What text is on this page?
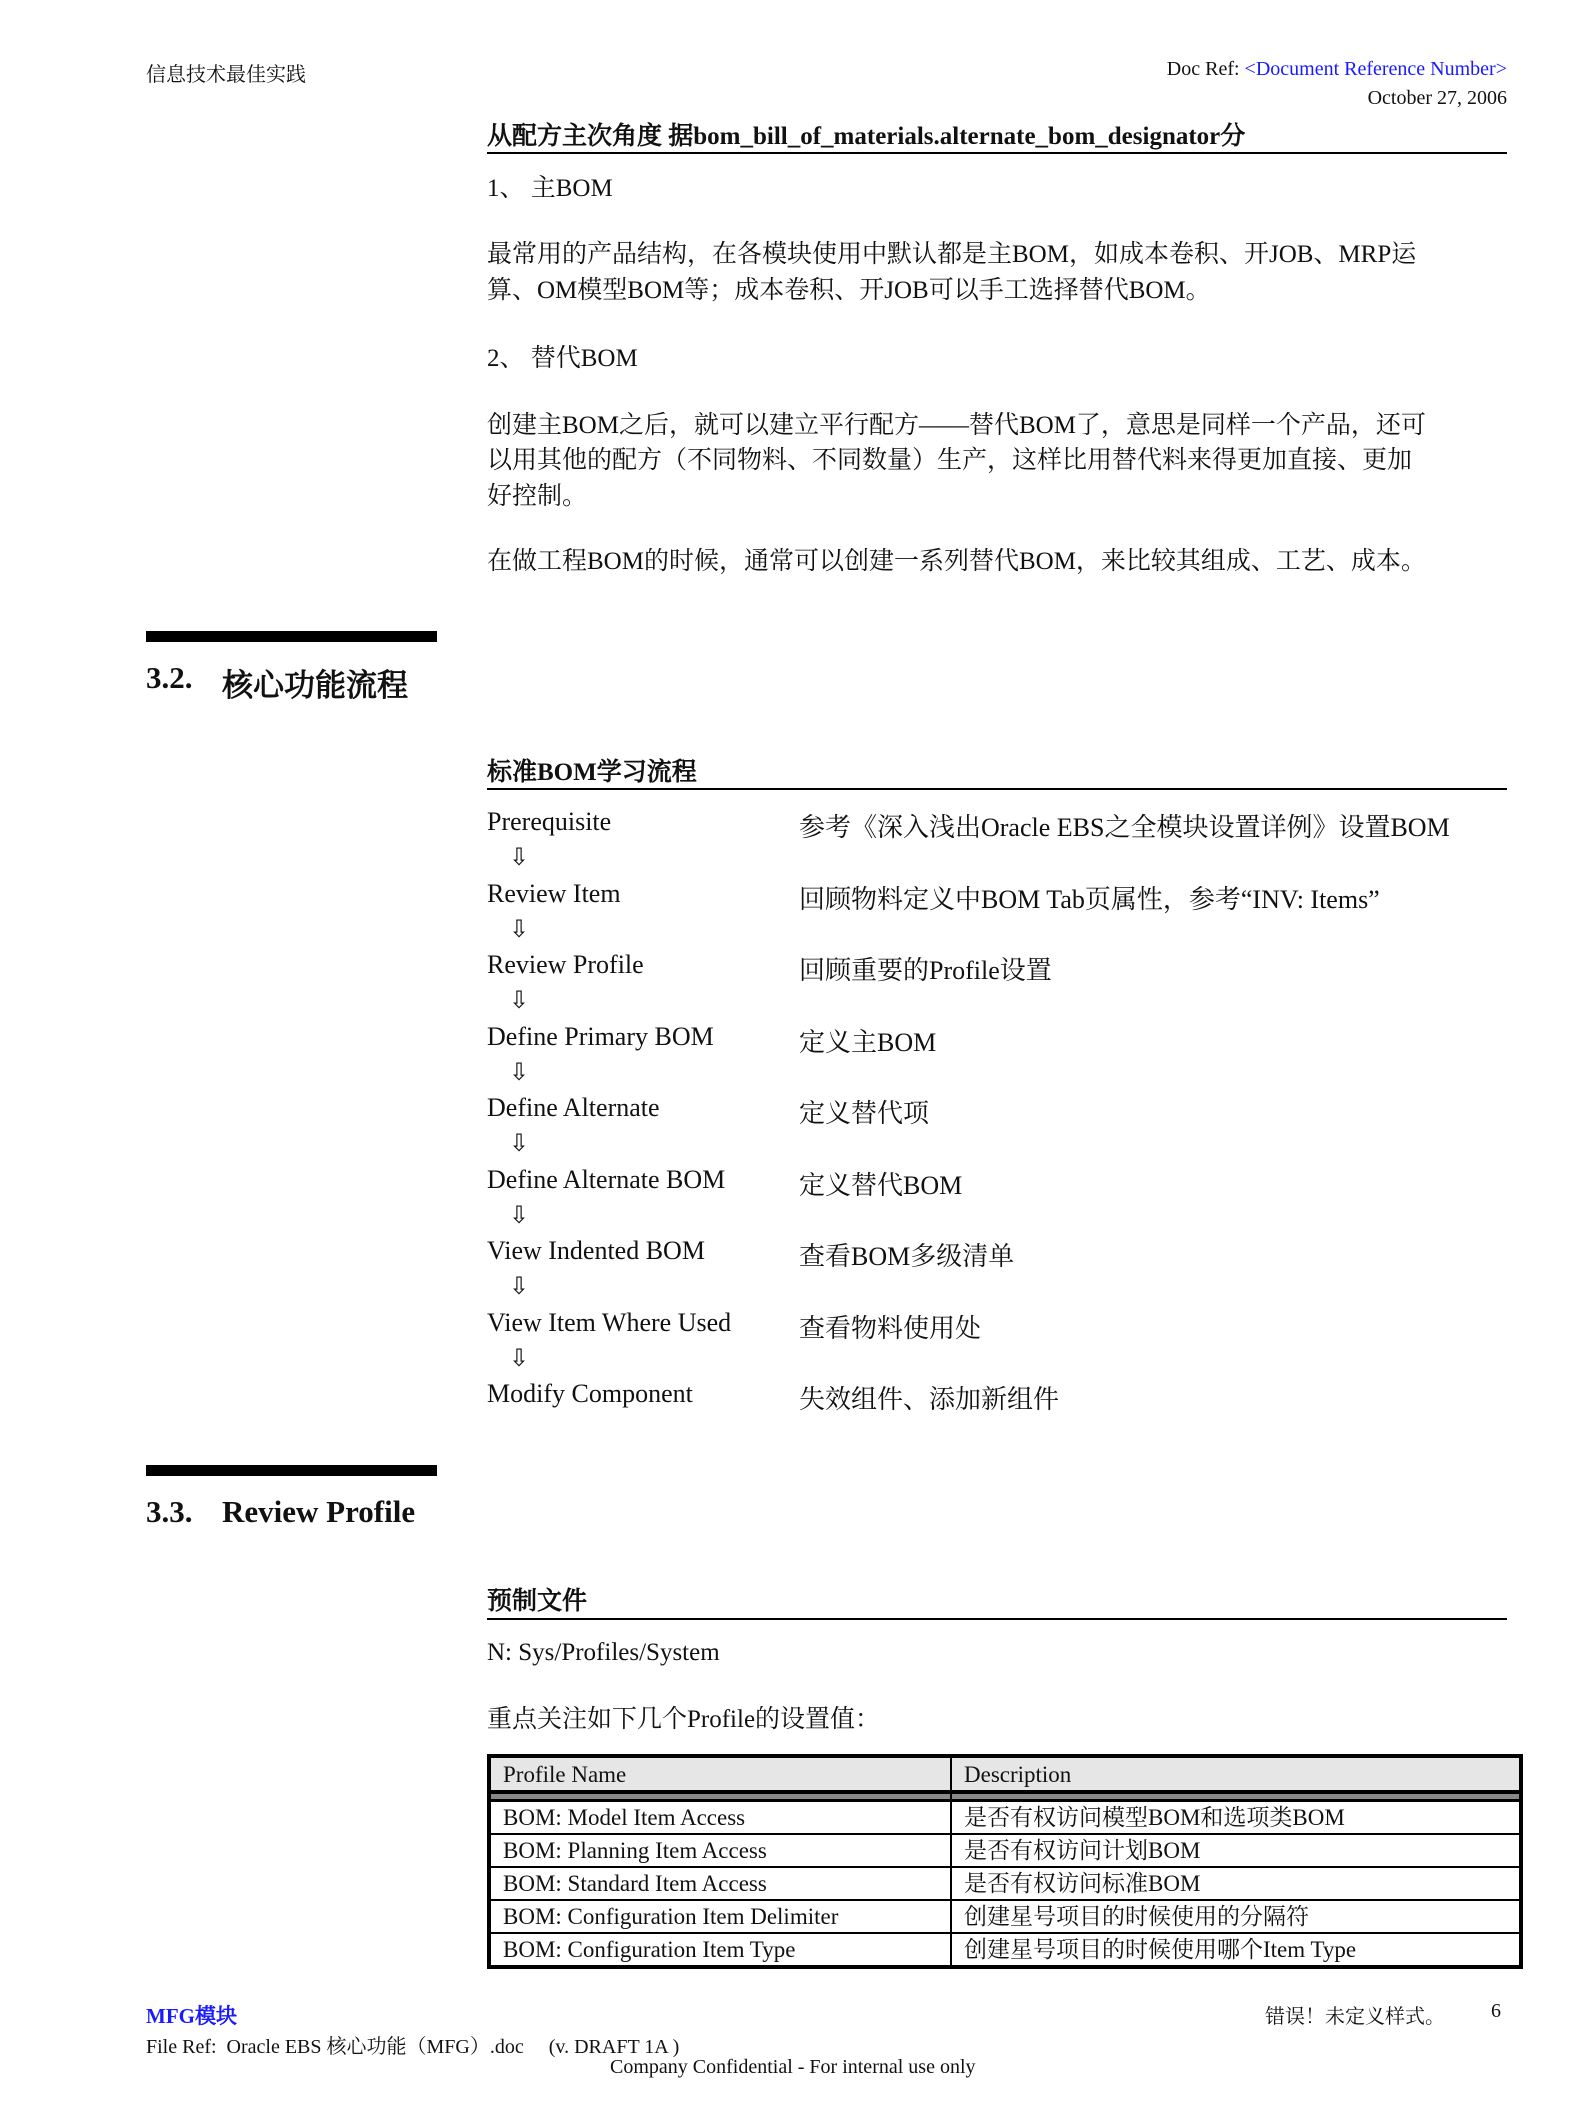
信息技术最佳实践	Doc Ref: <Document Reference Number>
October 27, 2006
从配方主次角度 据bom_bill_of_materials.alternate_bom_designator分
1、 主BOM
最常用的产品结构，在各模块使用中默认都是主BOM，如成本卷积、开JOB、MRP运
算、OM模型BOM等；成本卷积、开JOB可以手工选择替代BOM。
2、 替代BOM
创建主BOM之后，就可以建立平行配方——替代BOM了，意思是同样一个产品，还可
以用其他的配方（不同物料、不同数量）生产，这样比用替代料来得更加直接、更加
好控制。
在做工程BOM的时候，通常可以创建一系列替代BOM，来比较其组成、工艺、成本。
3.2. 核心功能流程
标准BOM学习流程
Prerequisite	参考《深入浅出Oracle EBS之全模块设置详例》设置BOM
⇩
Review Item	回顾物料定义中BOM Tab页属性，参考“INV: Items”
⇩
Review Profile	回顾重要的Profile设置
⇩
Define Primary BOM	定义主BOM
⇩
Define Alternate	定义替代项
⇩
Define Alternate BOM	定义替代BOM
⇩
View Indented BOM	查看BOM多级清单
⇩
View Item Where Used	查看物料使用处
⇩
Modify Component	失效组件、添加新组件
3.3. Review Profile
预制文件
N: Sys/Profiles/System
重点关注如下几个Profile的设置值：
Profile Name	Description

BOM: Model Item Access	是否有权访问模型BOM和选项类BOM
BOM: Planning Item Access	是否有权访问计划BOM
BOM: Standard Item Access	是否有权访问标准BOM
BOM: Configuration Item Delimiter	创建星号项目的时候使用的分隔符
BOM: Configuration Item Type	创建星号项目的时候使用哪个Item Type
MFG模块	错误！未定义样式。 6
File Ref:  Oracle EBS 核心功能（MFG）.doc     (v. DRAFT 1A )
Company Confidential - For internal use only
